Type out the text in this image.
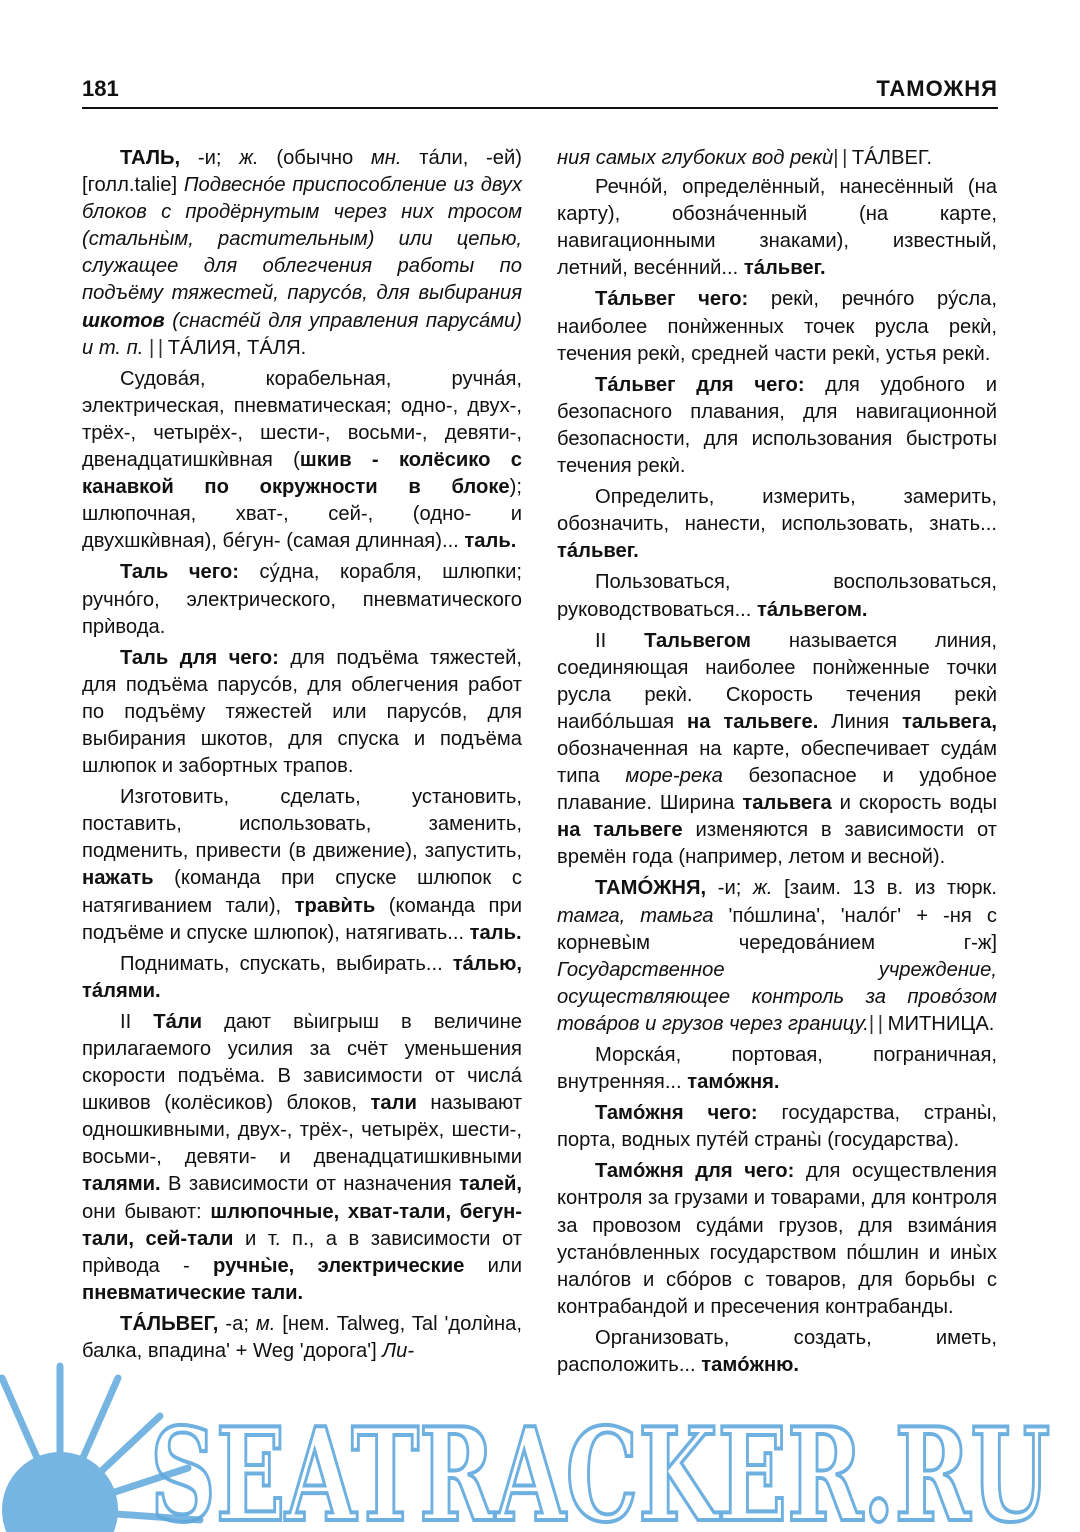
181	ТАМОЖНЯ

ТАЛЬ, -и; ж. (обычно мн. тáли, -ей) [голл.talie] Подвеснóе приспособление из двух блоков с продёрнутым через них тросом (стальны̀м, растительным) или цепью, служащее для облегчения работы по подъёму тяжестей, парусóв, для выбирания шкотов (снастéй для управления парусáми) и т. п. | | ТÁЛИЯ, ТÁЛЯ.

Судовáя, корабельная, ручнáя, электрическая, пневматическая; одно-, двух-, трёх-, четырёх-, шести-, восьми-, девяти-, двенадцатишкѝвная (шкив - колёсико с канавкой по окружности в блоке); шлюпочная, хват-, сей-, (одно- и двухшкѝвная), бéгун- (самая длинная)... таль.

Таль чего: сýдна, корабля, шлюпки; ручнóго, электрического, пневматического прѝвода.

Таль для чего: для подъёма тяжестей, для подъёма парусóв, для облегчения работ по подъёму тяжестей или парусóв, для выбирания шкотов, для спуска и подъёма шлюпок и забортных трапов.

Изготовить, сделать, установить, поставить, использовать, заменить, подменить, привести (в движение), запустить, нажать (команда при спуске шлюпок с натягиванием тали), травѝть (команда при подъёме и спуске шлюпок), натягивать... таль.

Поднимать, спускать, выбирать... тáлью, тáлями.

II Тáли дают вы̀игрыш в величине прилагаемого усилия за счёт уменьшения скорости подъёма. В зависимости от числá шкивов (колёсиков) блоков, тали называют одношкивными, двух-, трёх-, четырёх, шести-, восьми-, девяти- и двенадцатишкивными талями. В зависимости от назначения талей, они бывают: шлюпочные, хват-тали, бегун-тали, сей-тали и т. п., а в зависимости от прѝвода - ручны̀е, электрические или пневматические тали.

ТÁЛЬВЕГ, -а; м. [нем. Talweg, Tal 'долѝна, балка, впадина' + Weg 'дорога'] Ли-

ния самых глубоких вод рекѝ| | ТÁЛВЕГ.

Речнóй, определённый, нанесённый (на карту), обознáченный (на карте, навигационными знаками), известный, летний, весéнний... тáльвег.

Тáльвег чего: рекѝ, речнóго рýсла, наиболее понѝженных точек русла рекѝ, течения рекѝ, средней части рекѝ, устья рекѝ.

Тáльвег для чего: для удобного и безопасного плавания, для навигационной безопасности, для использования быстроты течения рекѝ.

Определить, измерить, замерить, обозначить, нанести, использовать, знать... тáльвег.

Пользоваться, воспользоваться, руководствоваться... тáльвегом.

II Тальвегом называется линия, соединяющая наиболее понѝженные точки русла рекѝ. Скорость течения рекѝ наибóльшая на тальвеге. Линия тальвега, обозначенная на карте, обеспечивает судáм типа море-река безопасное и удобное плавание. Ширина тальвега и скорость воды на тальвеге изменяются в зависимости от времён года (например, летом и весной).

ТАМÓЖНЯ, -и; ж. [заим. 13 в. из тюрк. тамга, тамьга 'пóшлина', 'налóг' + -ня с корневы̀м чередовáнием г-ж] Государственное учреждение, осуществляющее контроль за провóзом товáров и грузов через границу.| | МИТНИЦА.

Морскáя, портовая, пограничная, внутренняя... тамóжня.

Тамóжня чего: государства, страны̀, порта, водных путéй страны̀ (государства).

Тамóжня для чего: для осуществления контроля за грузами и товарами, для контроля за провозом судáми грузов, для взимáния устанóвленных государством пóшлин и ины̀х налóгов и сбóров с товаров, для борьбы с контрабандой и пресечения контрабанды.

Организовать, создать, иметь, расположить... тамóжню.

SEATRACKER.RU
